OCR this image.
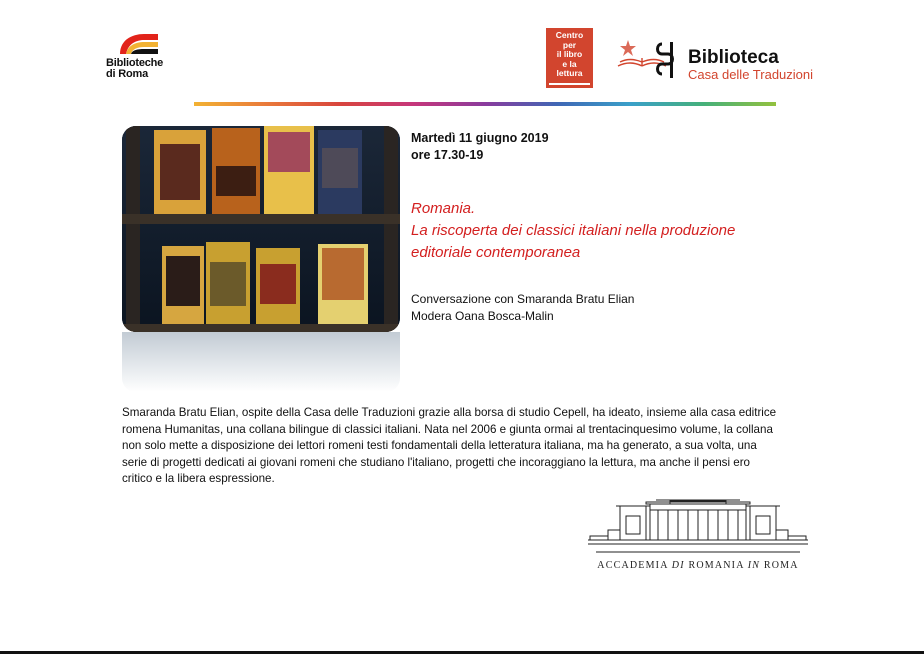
Biblioteche
di Roma
Centro
per
il libro
e la
lettura
Biblioteca
Casa delle Traduzioni
Martedì 11 giugno 2019
ore 17.30-19
Romania.
La riscoperta dei classici italiani nella produzione
editoriale contemporanea
Conversazione con Smaranda Bratu Elian
Modera Oana Bosca-Malin
Smaranda Bratu Elian, ospite della Casa delle Traduzioni grazie alla borsa di studio Cepell, ha ideato, insieme alla casa editrice
romena Humanitas, una collana bilingue di classici italiani. Nata nel 2006 e giunta ormai al trentacinquesimo volume, la collana
non solo mette a disposizione dei lettori romeni testi fondamentali della letteratura italiana, ma ha generato, a sua volta, una
serie di progetti dedicati ai giovani romeni che studiano l'italiano, progetti che incoraggiano la lettura, ma anche il pensi ero
critico e la libera espressione.
ACCADEMIA DI ROMANIA IN ROMA
